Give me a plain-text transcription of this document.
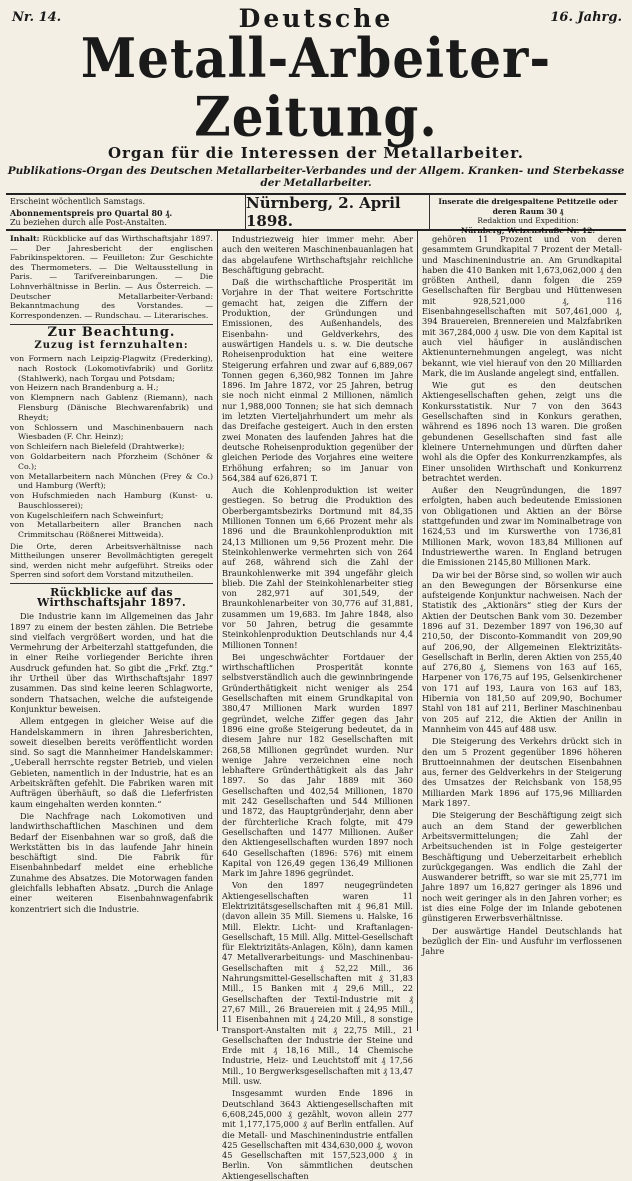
Nr. 14.	Deutsche	16. Jahrg.
Metall-Arbeiter-Zeitung.
Organ für die Interessen der Metallarbeiter.
Publikations-Organ des Deutschen Metallarbeiter-Verbandes und der Allgem. Kranken- und Sterbekasse der Metallarbeiter.
Erscheint wöchentlich Samstags.
Abonnementspreis pro Quartal 80 ₰.
Zu beziehen durch alle Post-Anstalten.
Nürnberg, 2. April 1898.
Inserate die dreigespaltene Petitzeile oder deren Raum 30 ₰
Redaktion und Expedition:
Nürnberg, Weizenstraße Nr. 12.
Inhalt: Rückblicke auf das Wirthschaftsjahr 1897. — Der Jahresbericht der englischen Fabrikinspektoren. — Feuilleton: Zur Geschichte des Thermometers. — Die Weltausstellung in Paris. — Tarifvereinbarungen. — Die Lohnverhältnisse in Berlin. — Aus Österreich. — Deutscher Metallarbeiter-Verband: Bekanntmachung des Vorstandes. — Korrespondenzen. — Rundschau. — Literarisches.
Zur Beachtung.
Zuzug ist fernzuhalten:

von Formern nach Leipzig-Plagwitz (Frederking), nach Rostock (Lokomotivfabrik) und Gorlitz (Stahlwerk), nach Torgau und Potsdam;

von Heizern nach Brandenburg a. H.;

von Klempnern nach Gablenz (Riemann), nach Flensburg (Dänische Blechwarenfabrik) und Rheydt;

von Schlossern und Maschinenbauern nach Wiesbaden (F. Chr. Heinz);

von Schleifern nach Bielefeld (Drahtwerke);

von Goldarbeitern nach Pforzheim (Schöner & Co.);

von Metallarbeitern nach München (Frey & Co.) und Hamburg (Werft);

von Hufschmieden nach Hamburg (Kunst- u. Bauschlosserei);

von Kugelschleifern nach Schweinfurt;

von Metallarbeitern aller Branchen nach Crimmitschau (Rößnerei Mittweida).

Die Orte, deren Arbeitsverhältnisse nach Mittheilungen unserer Bevollmächtigten geregelt sind, werden nicht mehr aufgeführt. Streiks oder Sperren sind sofort dem Vorstand mitzutheilen.
Rückblicke auf das Wirthschaftsjahr 1897.

Die Industrie kann im Allgemeinen das Jahr 1897 zu einem der besten zählen. Die Betriebe sind vielfach vergrößert worden, und hat die Vermehrung der Arbeiterzahl stattgefunden, die in einer Reihe vorliegender Berichte ihren Ausdruck gefunden hat. So gibt die „Frkf. Ztg.“ ihr Urtheil über das Wirthschaftsjahr 1897 zusammen. Das sind keine leeren Schlagworte, sondern Thatsachen, welche die aufsteigende Konjunktur beweisen.

Allem entgegen in gleicher Weise auf die Handelskammern in ihren Jahresberichten, soweit dieselben bereits veröffentlicht worden sind. So sagt die Mannheimer Handelskammer: „Ueberall herrschte regster Betrieb, und vielen Gebieten, namentlich in der Industrie, hat es an Arbeitskräften gefehlt. Die Fabriken waren mit Aufträgen überhäuft, so daß die Lieferfristen kaum eingehalten werden konnten.“

Die Nachfrage nach Lokomotiven und landwirthschaftlichen Maschinen und dem Bedarf der Eisenbahnen war so groß, daß die Werkstätten bis in das laufende Jahr hinein beschäftigt sind. Die Fabrik für Eisenbahnbedarf meldet eine erhebliche Zunahme des Absatzes. Die Motorwagen fanden gleichfalls lebhaften Absatz. „Durch die Anlage einer weiteren Eisenbahnwagenfabrik konzentriert sich die Industrie.

Industriezweig hier immer mehr. Aber auch den weiteren Maschinenbauanlagen hat das abgelaufene Wirthschaftsjahr reichliche Beschäftigung gebracht.

Daß die wirthschaftliche Prosperität im Vorjahre in der That weitere Fortschritte gemacht hat, zeigen die Ziffern der Produktion, der Gründungen und Emissionen, des Außenhandels, des Eisenbahn- und Geldverkehrs, des auswärtigen Handels u. s. w. Die deutsche Roheisenproduktion hat eine weitere Steigerung erfahren und zwar auf 6,889,067 Tonnen gegen 6,360,982 Tonnen im Jahre 1896. Im Jahre 1872, vor 25 Jahren, betrug sie noch nicht einmal 2 Millionen, nämlich nur 1,988,000 Tonnen; sie hat sich demnach im letzten Vierteljahrhundert um mehr als das Dreifache gesteigert. Auch in den ersten zwei Monaten des laufenden Jahres hat die deutsche Roheisenproduktion gegenüber der gleichen Periode des Vorjahres eine weitere Erhöhung erfahren; so im Januar von 564,384 auf 626,871 T.

Auch die Kohlenproduktion ist weiter gestiegen. So betrug die Produktion des Oberbergamtsbezirks Dortmund mit 84,35 Millionen Tonnen um 6,66 Prozent mehr als 1896 und die Braunkohlenproduktion mit 24,13 Millionen um 9,56 Prozent mehr. Die Steinkohlenwerke vermehrten sich von 264 auf 268, während sich die Zahl der Braunkohlenwerke mit 394 ungefähr gleich blieb. Die Zahl der Steinkohlenarbeiter stieg von 282,971 auf 301,549, der Braunkohlenarbeiter von 30,776 auf 31,881, zusammen um 19,683. Im Jahre 1848, also vor 50 Jahren, betrug die gesammte Steinkohlenproduktion Deutschlands nur 4,4 Millionen Tonnen!

Bei ungeschwächter Fortdauer der wirthschaftlichen Prosperität konnte selbstverständlich auch die gewinnbringende Gründerthätigkeit nicht weniger als 254 Gesellschaften mit einem Grundkapital von 380,47 Millionen Mark wurden 1897 gegründet, welche Ziffer gegen das Jahr 1896 eine große Steigerung bedeutet, da in diesem Jahre nur 182 Gesellschaften mit 268,58 Millionen gegründet wurden. Nur wenige Jahre verzeichnen eine noch lebhaftere Gründerthätigkeit als das Jahr 1897. So das Jahr 1889 mit 360 Gesellschaften und 402,54 Millionen, 1870 mit 242 Gesellschaften und 544 Millionen und 1872, das Hauptgründerjahr, denn aber der fürchterliche Krach folgte, mit 479 Gesellschaften und 1477 Millionen. Außer den Aktiengesellschaften wurden 1897 noch 640 Gesellschaften (1896: 576) mit einem Kapital von 126,49 gegen 136,49 Millionen Mark im Jahre 1896 gegründet.

Von den 1897 neugegründeten Aktiengesellschaften waren 11 Elektrizitätsgesellschaften mit ₰ 96,81 Mill. (davon allein 35 Mill. Siemens u. Halske, 16 Mill. Elektr. Licht- und Kraftanlagen-Gesellschaft, 15 Mill. Allg. Mittel-Gesellschaft für Elektrizitäts-Anlagen, Köln), dann kamen 47 Metallverarbeitungs- und Maschinenbau-Gesellschaften mit ₰ 52,22 Mill., 36 Nahrungsmittel-Gesellschaften mit ₰ 31,83 Mill., 15 Banken mit ₰ 29,6 Mill., 22 Gesellschaften der Textil-Industrie mit ₰ 27,67 Mill., 26 Brauereien mit ₰ 24,95 Mill., 11 Eisenbahnen mit ₰ 24,20 Mill., 8 sonstige Transport-Anstalten mit ₰ 22,75 Mill., 21 Gesellschaften der Industrie der Steine und Erde mit ₰ 18,16 Mill., 14 Chemische Industrie, Heiz- und Leuchtstoff mit ₰ 17,56 Mill., 10 Bergwerksgesellschaften mit ₰ 13,47 Mill. usw.

Insgesammt wurden Ende 1896 in Deutschland 3643 Aktiengesellschaften mit 6,608,245,000 ₰ gezählt, wovon allein 277 mit 1,177,175,000 ₰ auf Berlin entfallen. Auf die Metall- und Maschinenindustrie entfallen 425 Gesellschaften mit 434,630,000 ₰, wovon 45 Gesellschaften mit 157,523,000 ₰ in Berlin. Von sämmtlichen deutschen Aktiengesellschaften

gehören 11 Prozent und von deren gesammtem Grundkapital 7 Prozent der Metall- und Maschinenindustrie an. Am Grundkapital haben die 410 Banken mit 1,673,062,000 ₰ den größten Antheil, dann folgen die 259 Gesellschaften für Bergbau und Hüttenwesen mit 928,521,000 ₰, 116 Eisenbahngesellschaften mit 507,461,000 ₰, 394 Brauereien, Brennereien und Malzfabriken mit 367,284,000 ₰ usw. Die von dem Kapital ist auch viel häufiger in ausländischen Aktienunternehmungen angelegt, was nicht bekannt, wie viel hierauf von den 20 Milliarden Mark, die im Auslande angelegt sind, entfallen.

Wie gut es den deutschen Aktiengesellschaften gehen, zeigt uns die Konkursstatistik. Nur 7 von den 3643 Gesellschaften sind in Konkurs gerathen, während es 1896 noch 13 waren. Die großen gebundenen Gesellschaften sind fast alle kleinere Unternehmungen und dürften daher wohl als die Opfer des Konkurrenzkampfes, als Einer unsoliden Wirthschaft und Konkurrenz betrachtet werden.

Außer den Neugründungen, die 1897 erfolgten, haben auch bedeutende Emissionen von Obligationen und Aktien an der Börse stattgefunden und zwar im Nominalbetrage von 1624,53 und im Kurswerthe von 1736,81 Millionen Mark, wovon 183,84 Millionen auf Industriewerthe waren. In England betrugen die Emissionen 2145,80 Millionen Mark.

Da wir bei der Börse sind, so wollen wir auch an den Bewegungen der Börsenkurse eine aufsteigende Konjunktur nachweisen. Nach der Statistik des „Aktionärs“ stieg der Kurs der Aktien der Deutschen Bank vom 30. Dezember 1896 auf 31. Dezember 1897 von 196,30 auf 210,50, der Disconto-Kommandit von 209,90 auf 206,90, der Allgemeinen Elektrizitäts-Gesellschaft in Berlin, deren Aktien von 255,40 auf 276,80 ₰, Siemens von 163 auf 165, Harpener von 176,75 auf 195, Gelsenkirchener von 171 auf 193, Laura von 163 auf 183, Hibernia von 181,50 auf 209,90, Bochumer Stahl von 181 auf 211, Berliner Maschinenbau von 205 auf 212, die Aktien der Anilin in Mannheim von 445 auf 488 usw.

Die Steigerung des Verkehrs drückt sich in den um 5 Prozent gegenüber 1896 höheren Bruttoeinnahmen der deutschen Eisenbahnen aus, ferner des Geldverkehrs in der Steigerung des Umsatzes der Reichsbank von 158,95 Milliarden Mark 1896 auf 175,96 Milliarden Mark 1897.

Die Steigerung der Beschäftigung zeigt sich auch an dem Stand der gewerblichen Arbeitsvermittelungen; die Zahl der Arbeitsuchenden ist in Folge gesteigerter Beschäftigung und Ueberzeitarbeit erheblich zurückgegangen. Was endlich die Zahl der Auswanderer betrifft, so war sie mit 25,771 im Jahre 1897 um 16,827 geringer als 1896 und noch weit geringer als in den Jahren vorher; es ist dies eine Folge der im Inlande gebotenen günstigeren Erwerbsverhältnisse.

Der auswärtige Handel Deutschlands hat bezüglich der Ein- und Ausfuhr im verflossenen Jahre
